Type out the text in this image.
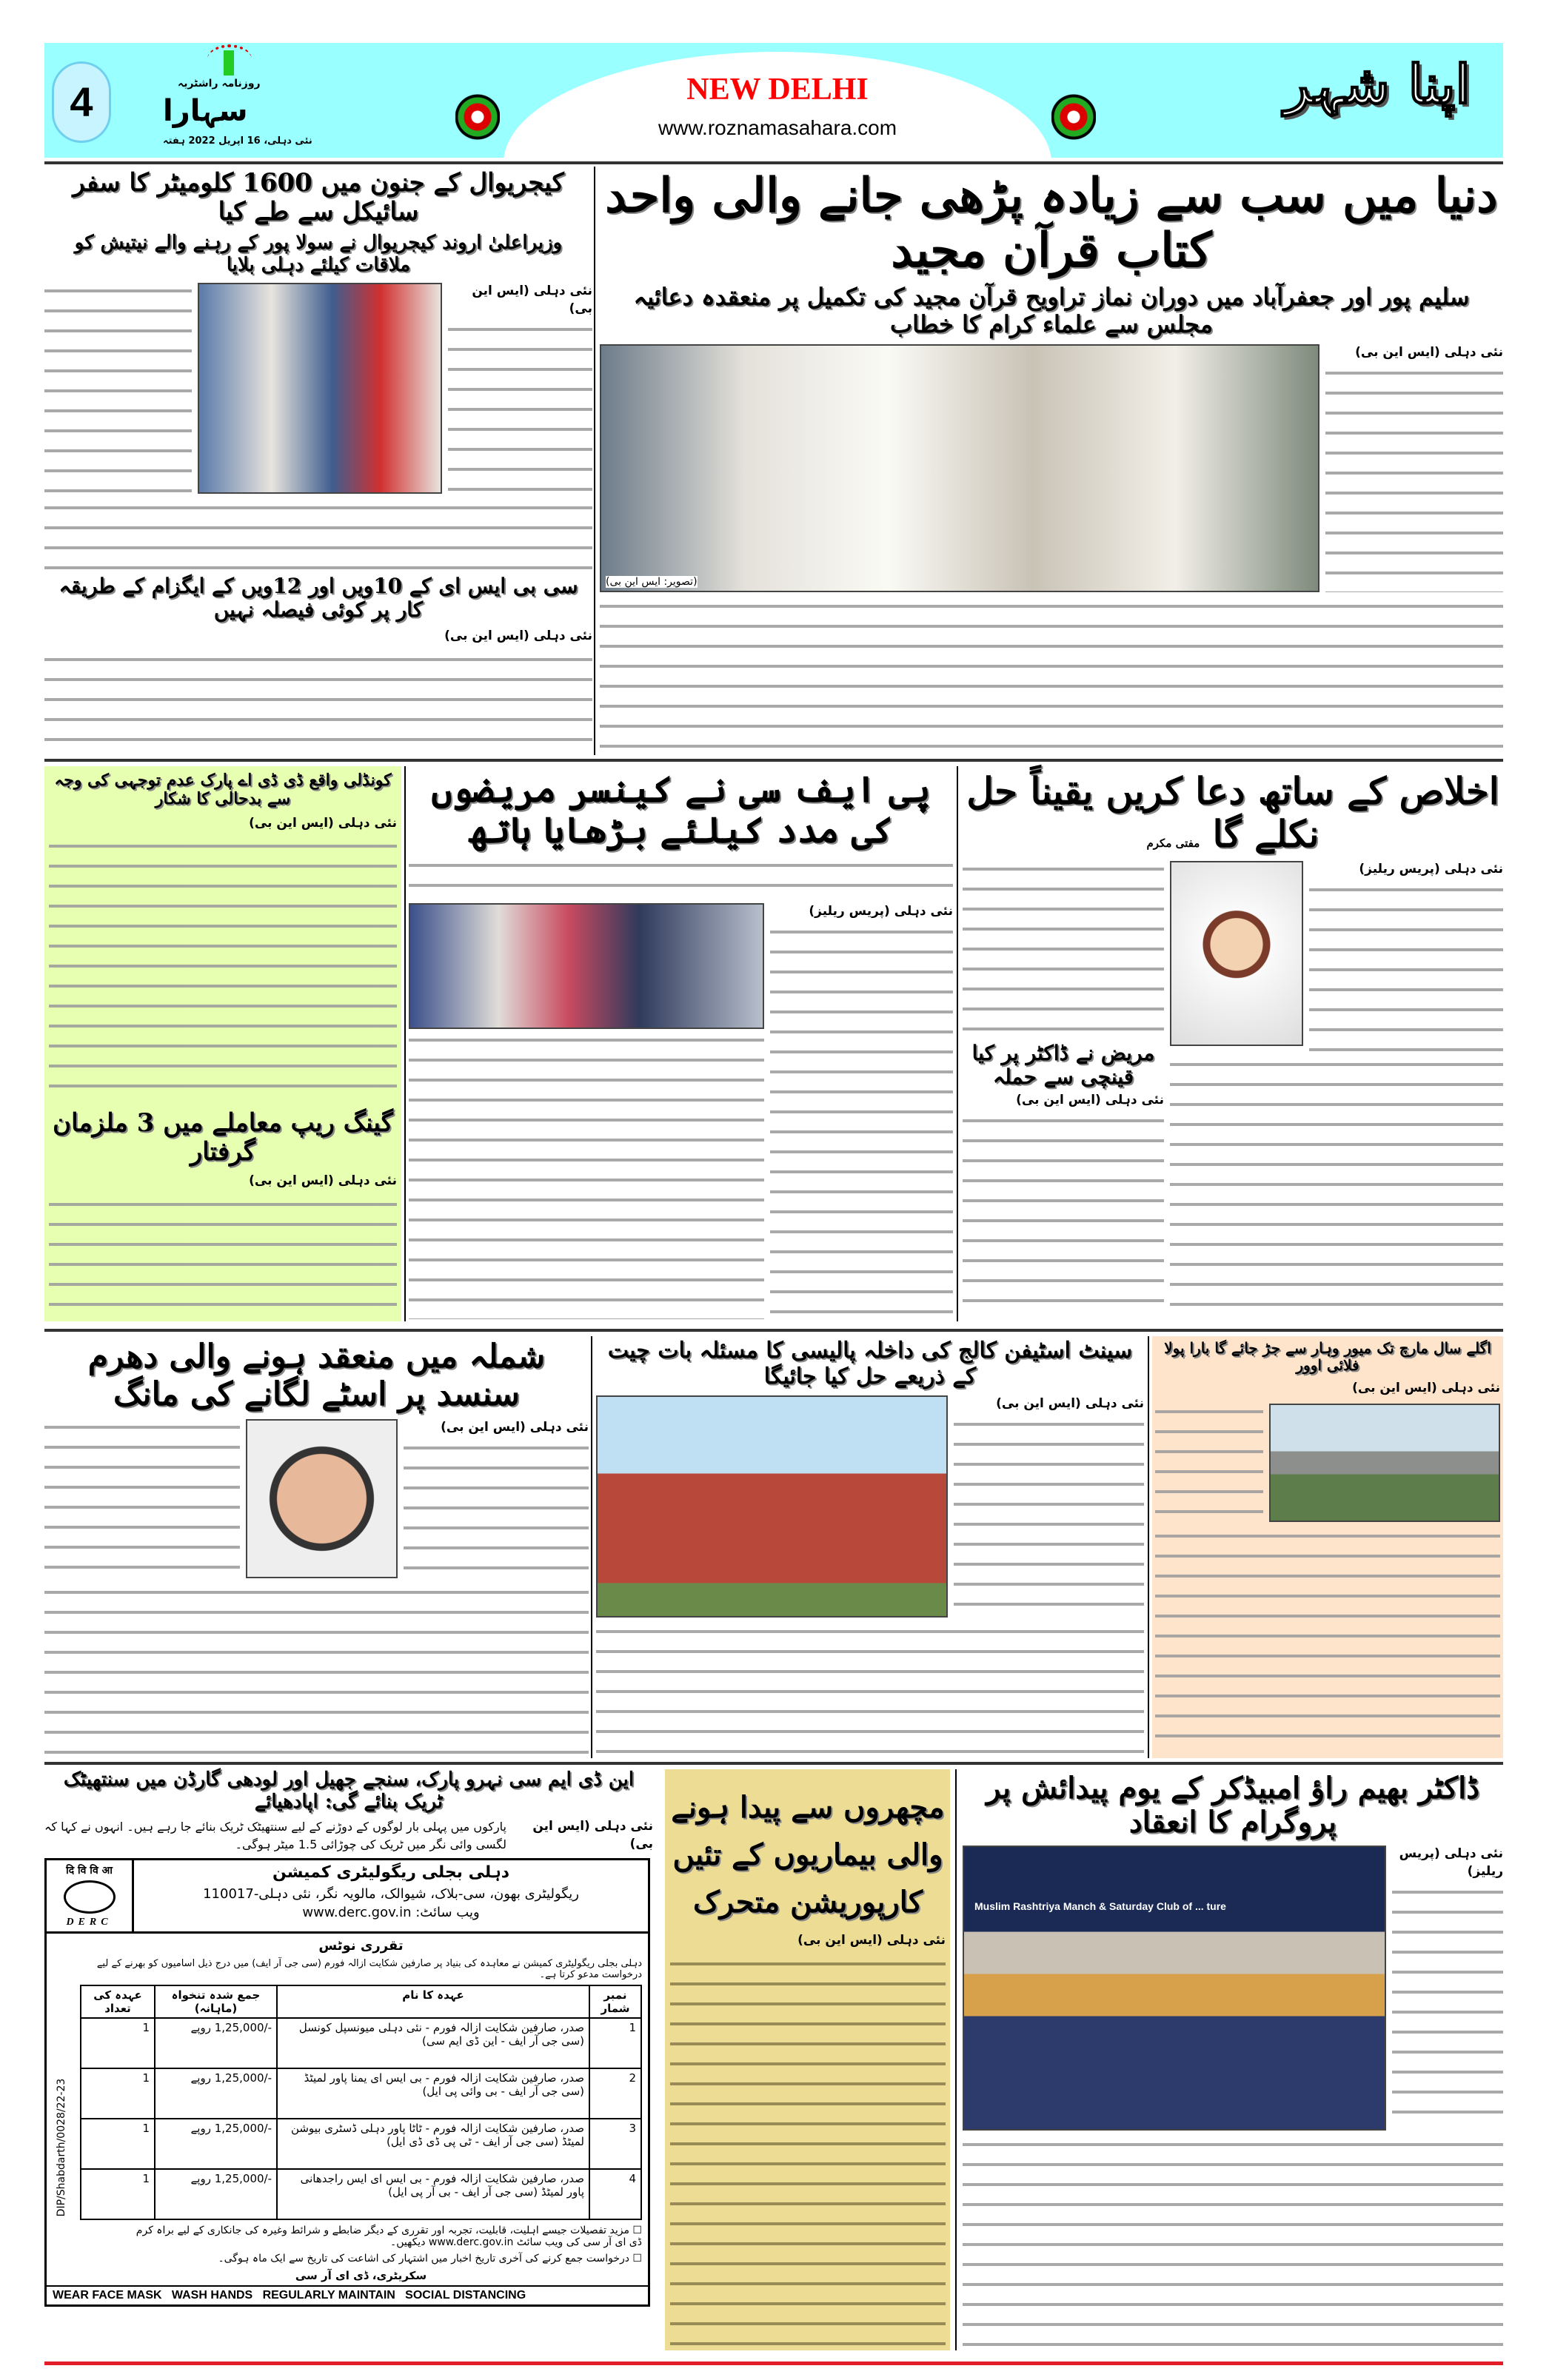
4	روزنامہ راشٹریہ
سہارا
نئی دہلی، 16 اپریل 2022 ہفتہ
NEW DELHI
www.roznamasahara.com
اپنا شہر
دنیا میں سب سے زیادہ پڑھی جانے والی واحد کتاب قرآن مجید
سلیم پور اور جعفرآباد میں دوران نماز تراویح قرآن مجید کی تکمیل پر منعقدہ دعائیہ مجلس سے علماء کرام کا خطاب
نئی دہلی (ایس این بی)
(تصویر: ایس این بی)
کیجریوال کے جنون میں 1600 کلومیٹر کا سفر سائیکل سے طے کیا
وزیراعلیٰ اروند کیجریوال نے سولا پور کے رہنے والے نیتیش کو ملاقات کیلئے دہلی بلایا
نئی دہلی (ایس این بی)
سی بی ایس ای کے 10ویں اور 12ویں کے ایگزام کے طریقہ کار پر کوئی فیصلہ نہیں
نئی دہلی (ایس این بی)
کونڈلی واقع ڈی ڈی اے پارک عدم توجہی کی وجہ سے بدحالی کا شکار
نئی دہلی (ایس این بی)
گینگ ریپ معاملے میں 3 ملزمان گرفتار
نئی دہلی (ایس این بی)
پی ایف سی نے کینسر مریضوں کی مدد کیلئے بڑھایا ہاتھ
نئی دہلی (پریس ریلیز)
اخلاص کے ساتھ دعا کریں یقیناً حل نکلے گا مفتی مکرم
نئی دہلی (پریس ریلیز)
مریض نے ڈاکٹر پر کیا قینچی سے حملہ
نئی دہلی (ایس این بی)
شملہ میں منعقد ہونے والی دھرم سنسد پر اسٹے لگانے کی مانگ
نئی دہلی (ایس این بی)
سینٹ اسٹیفن کالج کی داخلہ پالیسی کا مسئلہ بات چیت کے ذریعے حل کیا جائیگا
نئی دہلی (ایس این بی)
اگلے سال مارچ تک میور وہار سے جڑ جائے گا بارا پولا فلائی اوور
نئی دہلی (ایس این بی)
این ڈی ایم سی نہرو پارک، سنجے جھیل اور لودھی گارڈن میں سنتھیٹک ٹریک بنائے گی: اپادھیائے
نئی دہلی (ایس این بی)
پارکوں میں پہلی بار لوگوں کے دوڑنے کے لیے سنتھیٹک ٹریک بنائے جا رہے ہیں۔ انہوں نے کہا کہ لگسی وائی نگر میں ٹریک کی چوڑائی 1.5 میٹر ہوگی۔
दि वि वि आ
DERC
دہلی بجلی ریگولیٹری کمیشن
ریگولیٹری بھون، سی-بلاک، شیوالک، مالویہ نگر، نئی دہلی-110017
ویب سائٹ: www.derc.gov.in
تقرری نوٹس
دہلی بجلی ریگولیٹری کمیشن نے معاہدہ کی بنیاد پر صارفین شکایت ازالہ فورم (سی جی آر ایف) میں درج ذیل اسامیوں کو بھرنے کے لیے درخواست مدعو کرتا ہے۔
نمبر شمار	عہدہ کا نام	جمع شدہ تنخواہ (ماہانہ)	عہدہ کی تعداد
1	صدر، صارفین شکایت ازالہ فورم - نئی دہلی میونسپل کونسل (سی جی آر ایف - این ڈی ایم سی)	-/1,25,000 روپے	1
2	صدر، صارفین شکایت ازالہ فورم - بی ایس ای یمنا پاور لمیٹڈ (سی جی آر ایف - بی وائی پی ایل)	-/1,25,000 روپے	1
3	صدر، صارفین شکایت ازالہ فورم - ٹاٹا پاور دہلی ڈسٹری بیوشن لمیٹڈ (سی جی آر ایف - ٹی پی ڈی ڈی ایل)	-/1,25,000 روپے	1
4	صدر، صارفین شکایت ازالہ فورم - بی ایس ای ایس راجدھانی پاور لمیٹڈ (سی جی آر ایف - بی آر پی ایل)	-/1,25,000 روپے	1
☐ مزید تفصیلات جیسے اہلیت، قابلیت، تجربہ اور تقرری کے دیگر ضابطے و شرائط وغیرہ کی جانکاری کے لیے براہ کرم ڈی ای آر سی کی ویب سائٹ www.derc.gov.in دیکھیں۔
☐ درخواست جمع کرنے کی آخری تاریخ اخبار میں اشتہار کی اشاعت کی تاریخ سے ایک ماہ ہوگی۔
سکریٹری، ڈی ای آر سی
WEAR FACE MASK   WASH HANDS   REGULARLY MAINTAIN   SOCIAL DISTANCING
DIP/Shabdarth/0028/22-23
مچھروں سے پیدا ہونے والی بیماریوں کے تئیں کارپوریشن متحرک
نئی دہلی (ایس این بی)
ڈاکٹر بھیم راؤ امبیڈکر کے یوم پیدائش پر پروگرام کا انعقاد
نئی دہلی (پریس ریلیز)
Muslim Rashtriya Manch & Saturday Club of ... ture
